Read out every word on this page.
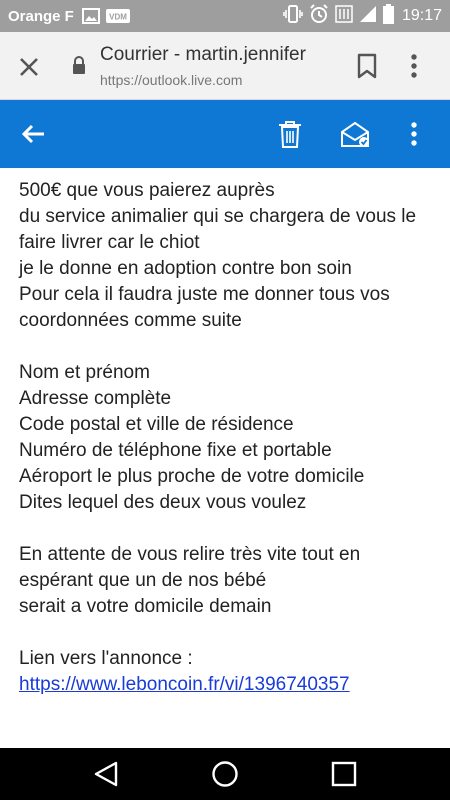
Orange F	VDM	19:17
Courrier - martin.jennifer
https://outlook.live.com

500€ que vous paierez auprès

du service animalier qui se chargera de vous le

faire livrer car le chiot

je le donne en adoption contre bon soin

Pour cela il faudra juste me donner tous vos

coordonnées comme suite

Nom et prénom

Adresse complète

Code postal et ville de résidence

Numéro de téléphone fixe et portable

Aéroport le plus proche de votre domicile

Dites lequel des deux vous voulez

En attente de vous relire très vite tout en

espérant que un de nos bébé

serait a votre domicile demain

Lien vers l'annonce :

https://www.leboncoin.fr/vi/1396740357
